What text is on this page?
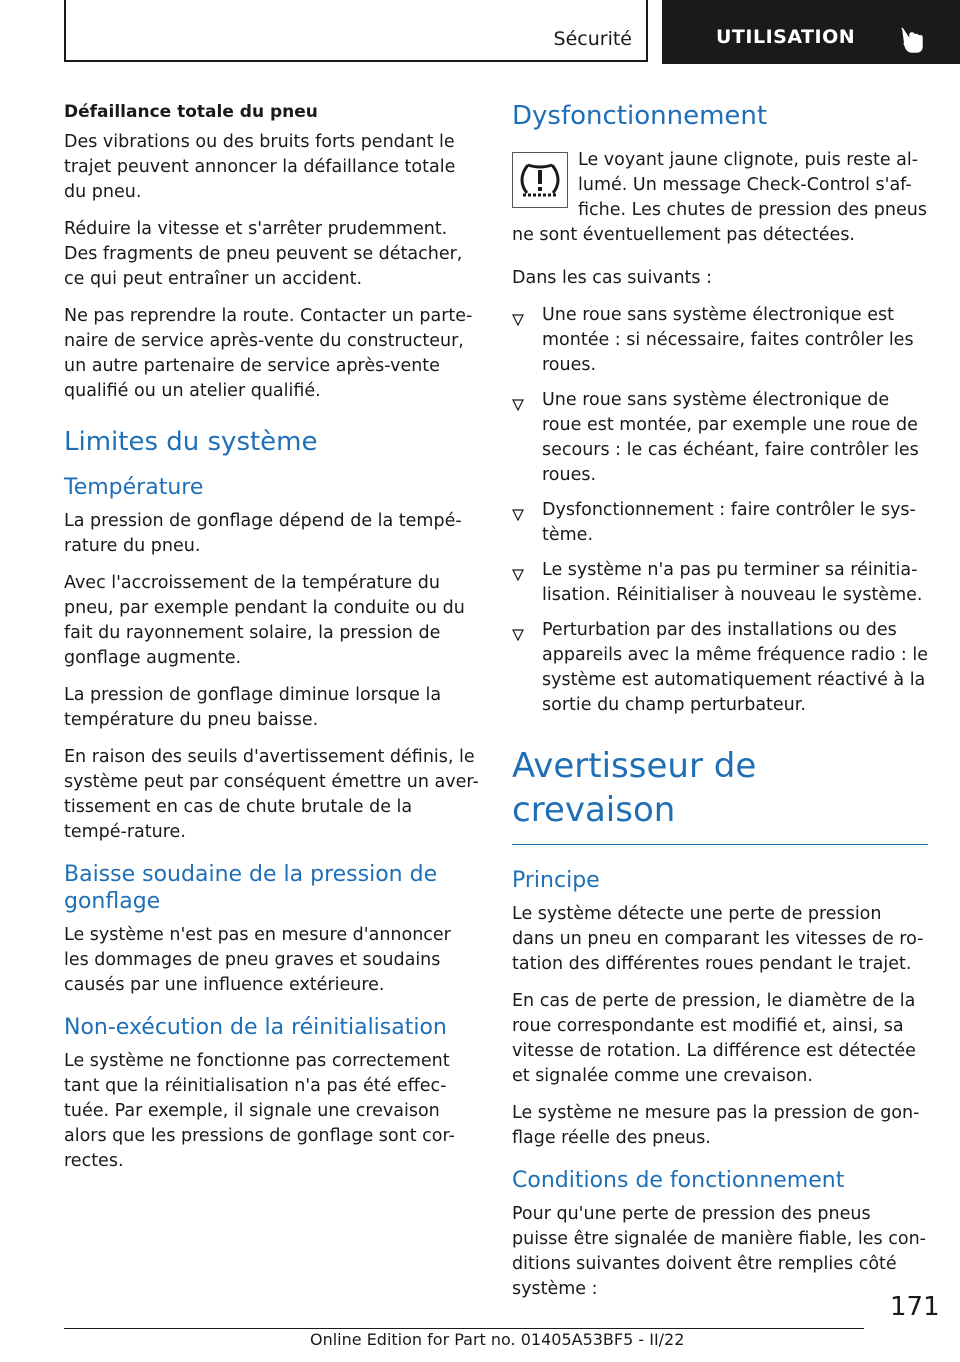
Sécurité	UTILISATION
Défaillance totale du pneu

Des vibrations ou des bruits forts pendant le trajet peuvent annoncer la défaillance totale du pneu.

Réduire la vitesse et s'arrêter prudemment. Des fragments de pneu peuvent se détacher, ce qui peut entraîner un accident.

Ne pas reprendre la route. Contacter un parte-naire de service après-vente du constructeur, un autre partenaire de service après-vente qualifié ou un atelier qualifié.

Limites du système
Température

La pression de gonflage dépend de la tempé-rature du pneu.

Avec l'accroissement de la température du pneu, par exemple pendant la conduite ou du fait du rayonnement solaire, la pression de gonflage augmente.

La pression de gonflage diminue lorsque la température du pneu baisse.

En raison des seuils d'avertissement définis, le système peut par conséquent émettre un aver-tissement en cas de chute brutale de la tempé-rature.

Baisse soudaine de la pression de gonflage

Le système n'est pas en mesure d'annoncer les dommages de pneu graves et soudains causés par une influence extérieure.

Non-exécution de la réinitialisation

Le système ne fonctionne pas correctement tant que la réinitialisation n'a pas été effec-tuée. Par exemple, il signale une crevaison alors que les pressions de gonflage sont cor-rectes.

Dysfonctionnement

Le voyant jaune clignote, puis reste al-lumé. Un message Check-Control s'af-fiche. Les chutes de pression des pneus ne sont éventuellement pas détectées.

Dans les cas suivants :

Une roue sans système électronique est montée : si nécessaire, faites contrôler les roues.
Une roue sans système électronique de roue est montée, par exemple une roue de secours : le cas échéant, faire contrôler les roues.
Dysfonctionnement : faire contrôler le sys-tème.
Le système n'a pas pu terminer sa réinitia-lisation. Réinitialiser à nouveau le système.
Perturbation par des installations ou des appareils avec la même fréquence radio : le système est automatiquement réactivé à la sortie du champ perturbateur.
Avertisseur de crevaison
Principe

Le système détecte une perte de pression dans un pneu en comparant les vitesses de ro-tation des différentes roues pendant le trajet.

En cas de perte de pression, le diamètre de la roue correspondante est modifié et, ainsi, sa vitesse de rotation. La différence est détectée et signalée comme une crevaison.

Le système ne mesure pas la pression de gon-flage réelle des pneus.

Conditions de fonctionnement

Pour qu'une perte de pression des pneus puisse être signalée de manière fiable, les con-ditions suivantes doivent être remplies côté système :

171
Online Edition for Part no. 01405A53BF5 - II/22
